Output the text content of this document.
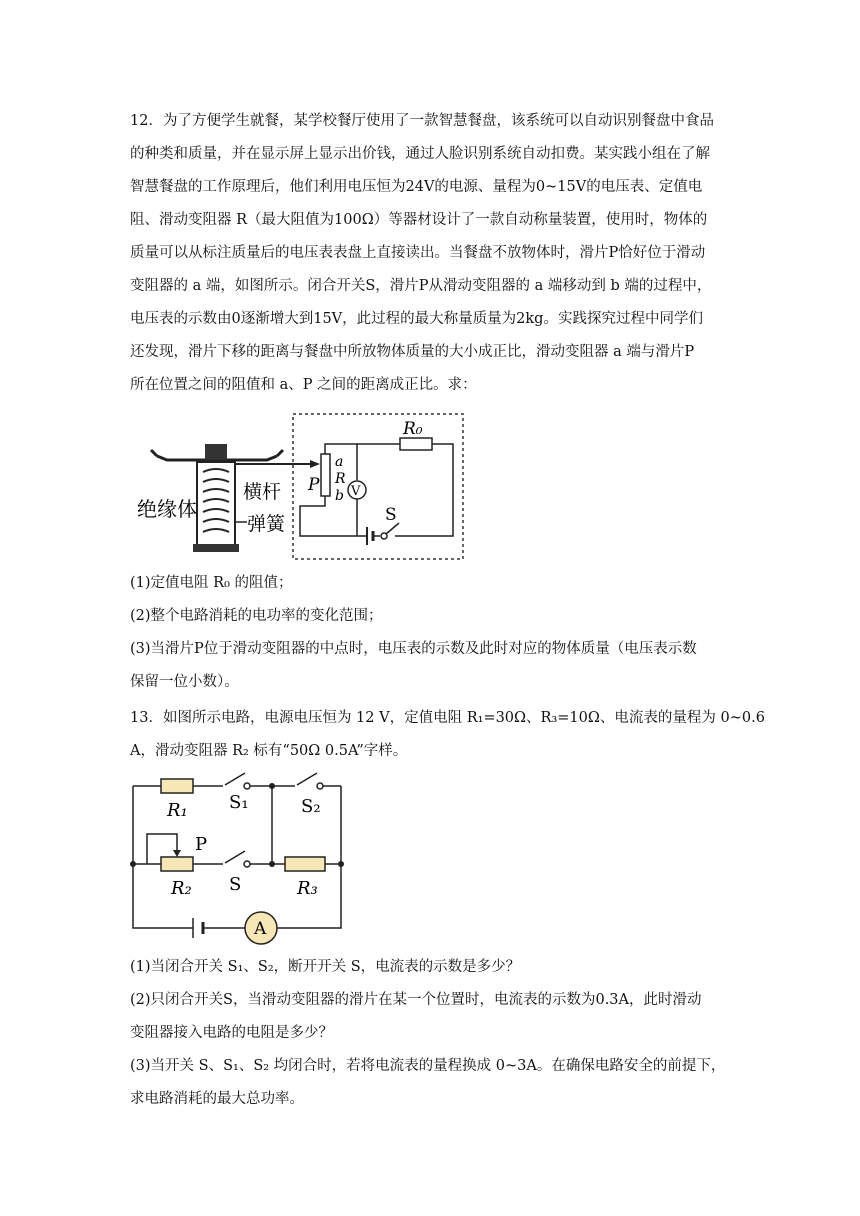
12．为了方便学生就餐，某学校餐厅使用了一款智慧餐盘，该系统可以自动识别餐盘中食品
的种类和质量，并在显示屏上显示出价钱，通过人脸识别系统自动扣费。某实践小组在了解
智慧餐盘的工作原理后，他们利用电压恒为24V的电源、量程为0~15V的电压表、定值电
阻、滑动变阻器 R（最大阻值为100Ω）等器材设计了一款自动称量装置，使用时，物体的
质量可以从标注质量后的电压表表盘上直接读出。当餐盘不放物体时，滑片P恰好位于滑动
变阻器的 a 端，如图所示。闭合开关S，滑片P从滑动变阻器的 a 端移动到 b 端的过程中，
电压表的示数由0逐渐增大到15V，此过程的最大称量质量为2kg。实践探究过程中同学们
还发现，滑片下移的距离与餐盘中所放物体质量的大小成正比，滑动变阻器 a 端与滑片P
所在位置之间的阻值和 a、P 之间的距离成正比。求：
绝缘体
横杆
弹簧
P
a
R
b
R₀
V
S
(1)定值电阻 R₀ 的阻值；
(2)整个电路消耗的电功率的变化范围；
(3)当滑片P位于滑动变阻器的中点时，电压表的示数及此时对应的物体质量（电压表示数
保留一位小数）。
13．如图所示电路，电源电压恒为 12 V，定值电阻 R₁=30Ω、R₃=10Ω、电流表的量程为 0~0.6
A，滑动变阻器 R₂ 标有“50Ω 0.5A”字样。
A
R₁ S₁	S₂
P
R₂ S	R₃
(1)当闭合开关 S₁、S₂，断开开关 S，电流表的示数是多少？
(2)只闭合开关S，当滑动变阻器的滑片在某一个位置时，电流表的示数为0.3A，此时滑动
变阻器接入电路的电阻是多少？
(3)当开关 S、S₁、S₂ 均闭合时，若将电流表的量程换成 0~3A。在确保电路安全的前提下，
求电路消耗的最大总功率。
